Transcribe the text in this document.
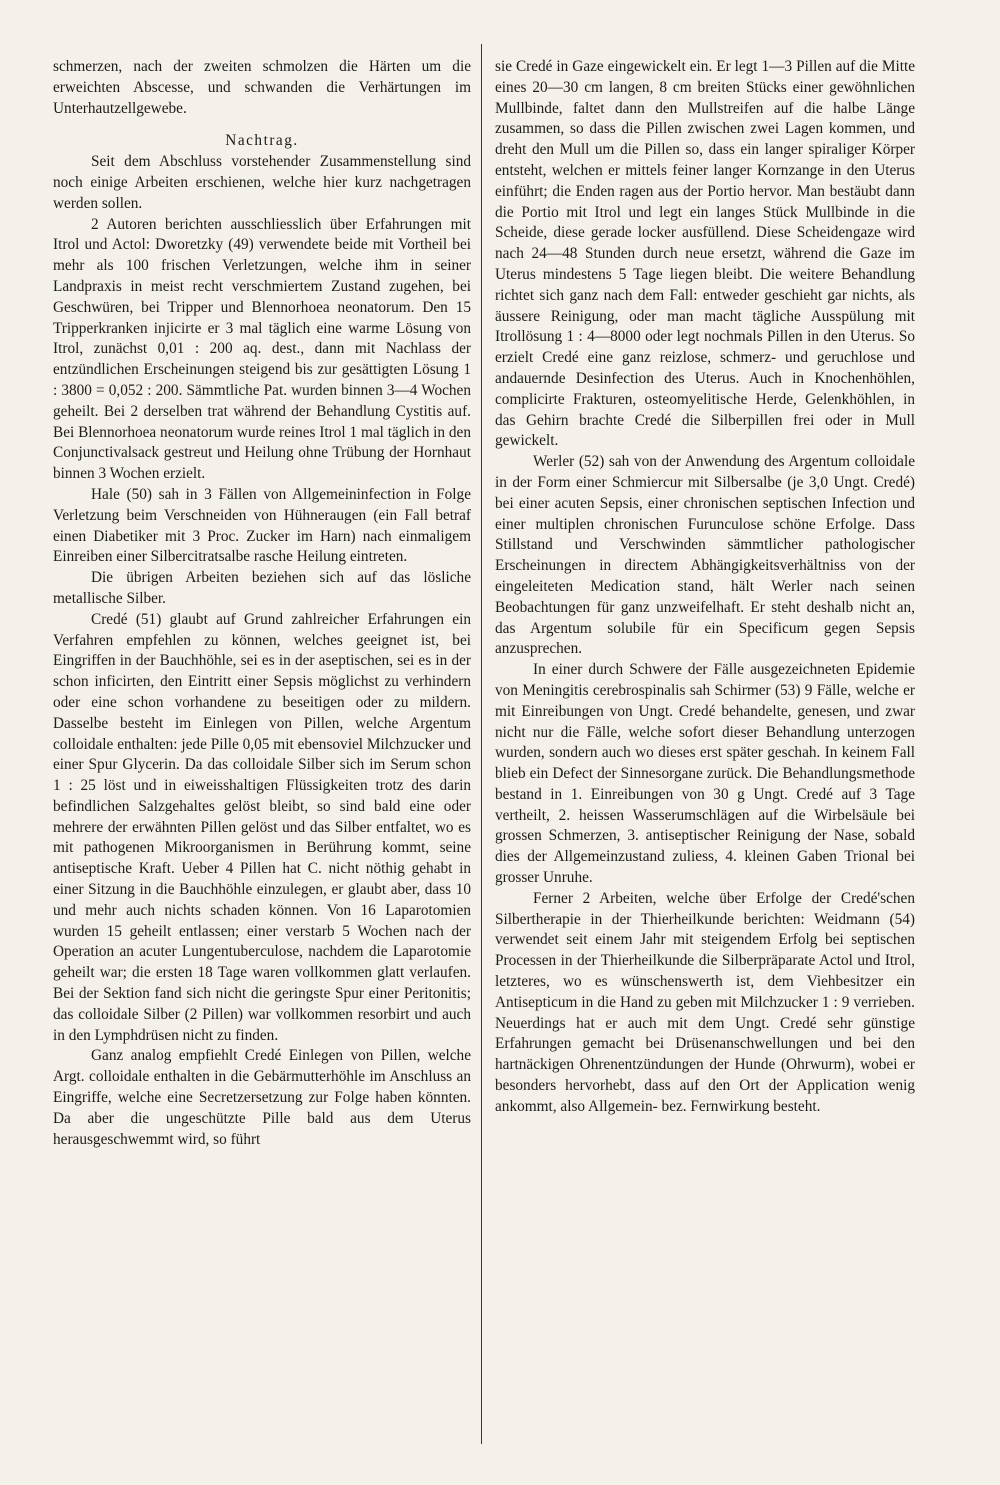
schmerzen, nach der zweiten schmolzen die Härten um die erweichten Abscesse, und schwanden die Verhärtungen im Unterhautzellgewebe.

Nachtrag.

Seit dem Abschluss vorstehender Zusammenstellung sind noch einige Arbeiten erschienen, welche hier kurz nachgetragen werden sollen.

2 Autoren berichten ausschliesslich über Erfahrungen mit Itrol und Actol: Dworetzky (49) verwendete beide mit Vortheil bei mehr als 100 frischen Verletzungen, welche ihm in seiner Landpraxis in meist recht verschmiertem Zustand zugehen, bei Geschwüren, bei Tripper und Blennorhoea neonatorum. Den 15 Tripperkranken injicirte er 3 mal täglich eine warme Lösung von Itrol, zunächst 0,01 : 200 aq. dest., dann mit Nachlass der entzündlichen Erscheinungen steigend bis zur gesättigten Lösung 1 : 3800 = 0,052 : 200. Sämmtliche Pat. wurden binnen 3—4 Wochen geheilt. Bei 2 derselben trat während der Behandlung Cystitis auf. Bei Blennorhoea neonatorum wurde reines Itrol 1 mal täglich in den Conjunctivalsack gestreut und Heilung ohne Trübung der Hornhaut binnen 3 Wochen erzielt.

Hale (50) sah in 3 Fällen von Allgemeininfection in Folge Verletzung beim Verschneiden von Hühneraugen (ein Fall betraf einen Diabetiker mit 3 Proc. Zucker im Harn) nach einmaligem Einreiben einer Silbercitratsalbe rasche Heilung eintreten.

Die übrigen Arbeiten beziehen sich auf das lösliche metallische Silber.

Credé (51) glaubt auf Grund zahlreicher Erfahrungen ein Verfahren empfehlen zu können, welches geeignet ist, bei Eingriffen in der Bauchhöhle, sei es in der aseptischen, sei es in der schon inficirten, den Eintritt einer Sepsis möglichst zu verhindern oder eine schon vorhandene zu beseitigen oder zu mildern. Dasselbe besteht im Einlegen von Pillen, welche Argentum colloidale enthalten: jede Pille 0,05 mit ebensoviel Milchzucker und einer Spur Glycerin. Da das colloidale Silber sich im Serum schon 1 : 25 löst und in eiweisshaltigen Flüssigkeiten trotz des darin befindlichen Salzgehaltes gelöst bleibt, so sind bald eine oder mehrere der erwähnten Pillen gelöst und das Silber entfaltet, wo es mit pathogenen Mikroorganismen in Berührung kommt, seine antiseptische Kraft. Ueber 4 Pillen hat C. nicht nöthig gehabt in einer Sitzung in die Bauchhöhle einzulegen, er glaubt aber, dass 10 und mehr auch nichts schaden können. Von 16 Laparotomien wurden 15 geheilt entlassen; einer verstarb 5 Wochen nach der Operation an acuter Lungentuberculose, nachdem die Laparotomie geheilt war; die ersten 18 Tage waren vollkommen glatt verlaufen. Bei der Sektion fand sich nicht die geringste Spur einer Peritonitis; das colloidale Silber (2 Pillen) war vollkommen resorbirt und auch in den Lymphdrüsen nicht zu finden.

Ganz analog empfiehlt Credé Einlegen von Pillen, welche Argt. colloidale enthalten in die Gebärmutterhöhle im Anschluss an Eingriffe, welche eine Secretzersetzung zur Folge haben könnten. Da aber die ungeschützte Pille bald aus dem Uterus herausgeschwemmt wird, so führt

sie Credé in Gaze eingewickelt ein. Er legt 1—3 Pillen auf die Mitte eines 20—30 cm langen, 8 cm breiten Stücks einer gewöhnlichen Mullbinde, faltet dann den Mullstreifen auf die halbe Länge zusammen, so dass die Pillen zwischen zwei Lagen kommen, und dreht den Mull um die Pillen so, dass ein langer spiraliger Körper entsteht, welchen er mittels feiner langer Kornzange in den Uterus einführt; die Enden ragen aus der Portio hervor. Man bestäubt dann die Portio mit Itrol und legt ein langes Stück Mullbinde in die Scheide, diese gerade locker ausfüllend. Diese Scheidengaze wird nach 24—48 Stunden durch neue ersetzt, während die Gaze im Uterus mindestens 5 Tage liegen bleibt. Die weitere Behandlung richtet sich ganz nach dem Fall: entweder geschieht gar nichts, als äussere Reinigung, oder man macht tägliche Ausspülung mit Itrollösung 1 : 4—8000 oder legt nochmals Pillen in den Uterus. So erzielt Credé eine ganz reizlose, schmerz- und geruchlose und andauernde Desinfection des Uterus. Auch in Knochenhöhlen, complicirte Frakturen, osteomyelitische Herde, Gelenkhöhlen, in das Gehirn brachte Credé die Silberpillen frei oder in Mull gewickelt.

Werler (52) sah von der Anwendung des Argentum colloidale in der Form einer Schmiercur mit Silbersalbe (je 3,0 Ungt. Credé) bei einer acuten Sepsis, einer chronischen septischen Infection und einer multiplen chronischen Furunculose schöne Erfolge. Dass Stillstand und Verschwinden sämmtlicher pathologischer Erscheinungen in directem Abhängigkeitsverhältniss von der eingeleiteten Medication stand, hält Werler nach seinen Beobachtungen für ganz unzweifelhaft. Er steht deshalb nicht an, das Argentum solubile für ein Specificum gegen Sepsis anzusprechen.

In einer durch Schwere der Fälle ausgezeichneten Epidemie von Meningitis cerebrospinalis sah Schirmer (53) 9 Fälle, welche er mit Einreibungen von Ungt. Credé behandelte, genesen, und zwar nicht nur die Fälle, welche sofort dieser Behandlung unterzogen wurden, sondern auch wo dieses erst später geschah. In keinem Fall blieb ein Defect der Sinnesorgane zurück. Die Behandlungsmethode bestand in 1. Einreibungen von 30 g Ungt. Credé auf 3 Tage vertheilt, 2. heissen Wasserumschlägen auf die Wirbelsäule bei grossen Schmerzen, 3. antiseptischer Reinigung der Nase, sobald dies der Allgemeinzustand zuliess, 4. kleinen Gaben Trional bei grosser Unruhe.

Ferner 2 Arbeiten, welche über Erfolge der Credé'schen Silbertherapie in der Thierheilkunde berichten: Weidmann (54) verwendet seit einem Jahr mit steigendem Erfolg bei septischen Processen in der Thierheilkunde die Silberpräparate Actol und Itrol, letzteres, wo es wünschenswerth ist, dem Viehbesitzer ein Antisepticum in die Hand zu geben mit Milchzucker 1 : 9 verrieben. Neuerdings hat er auch mit dem Ungt. Credé sehr günstige Erfahrungen gemacht bei Drüsenanschwellungen und bei den hartnäckigen Ohrenentzündungen der Hunde (Ohrwurm), wobei er besonders hervorhebt, dass auf den Ort der Application wenig ankommt, also Allgemein- bez. Fernwirkung besteht.
